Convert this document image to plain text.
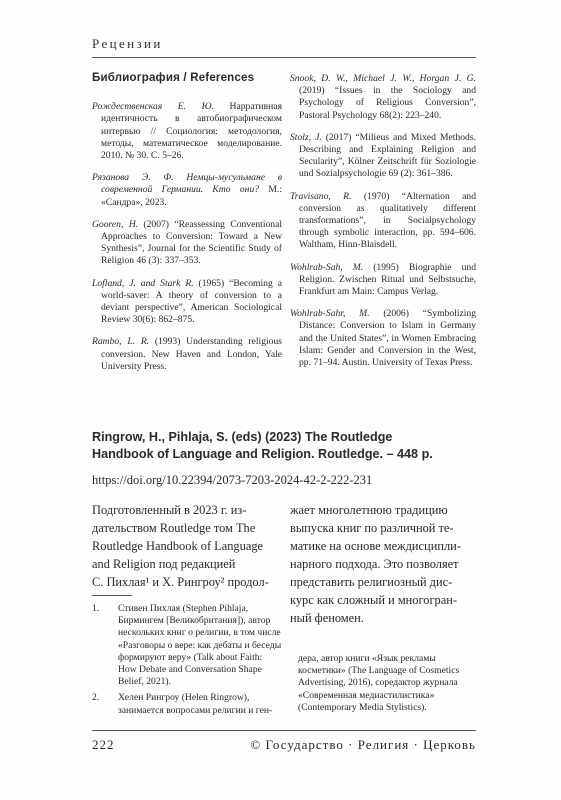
Рецензии
Библиография / References
Рождественская Е. Ю. Нарративная идентичность в автобиографическом интервью // Социология: методология, методы, математическое моделирование. 2010. № 30. С. 5–26.
Рязанова Э. Ф. Немцы-мусульмане в современной Германии. Кто они? М.: «Сандра», 2023.
Gooren, H. (2007) “Reassessing Conventional Approaches to Conversion: Toward a New Synthesis”, Journal for the Scientific Study of Religion 46 (3): 337–353.
Lofland, J. and Stark R. (1965) “Becoming a world-saver: A theory of conversion to a deviant perspective”, American Sociological Review 30(6): 862–875.
Rambo, L. R. (1993) Understanding religious conversion. New Haven and London, Yale University Press.
Snook, D. W., Michael J. W., Horgan J. G. (2019) “Issues in the Sociology and Psychology of Religious Conversion”, Pastoral Psychology 68(2): 223–240.
Stolz, J. (2017) “Milieus and Mixed Methods. Describing and Explaining Religion and Secularity”, Kölner Zeitschrift für Soziologie und Sozialpsychologie 69 (2): 361–386.
Travisano, R. (1970) “Alternation and conversion as qualitatively different transformations”, in Socialpsychology through symbolic interaction, pp. 594–606. Waltham, Hinn-Blaisdell.
Wohlrab-Sah, M. (1995) Biographie und Religion. Zwischen Ritual und Selbstsuche, Frankfurt am Main: Campus Verlag.
Wohlrab-Sahr, M. (2006) “Symbolizing Distance: Conversion to Islam in Germany and the United States”, in Women Embracing Islam: Gender and Conversion in the West, pp. 71–94. Austin. University of Texas Press.
Ringrow, H., Pihlaja, S. (eds) (2023) The Routledge
Handbook of Language and Religion. Routledge. – 448 p.
https://doi.org/10.22394/2073-7203-2024-42-2-222-231
Подготовленный в 2023 г. из-
дательством Routledge том The
Routledge Handbook of Language
and Religion под редакцией
С. Пихлая¹ и Х. Рингроу² продол-
жает многолетнюю традицию
выпуска книг по различной те-
матике на основе междисципли-
нарного подхода. Это позволяет
представить религиозный дис-
курс как сложный и многогран-
ный феномен.
1. Стивен Пихлая (Stephen Pihlaja, Бирмингем [Великобритания]), автор нескольких книг о религии, в том числе «Разговоры о вере: как дебаты и беседы формируют веру» (Talk about Faith: How Debate and Conversation Shape Belief, 2021).
2. Хелен Рингроу (Helen Ringrow), занимается вопросами религии и ген-
дера, автор книги «Язык рекламы косметики» (The Language of Cosmetics Advertising, 2016), соредактор журнала «Современная медиастилистика» (Contemporary Media Stylistics).
222	© Государство · Религия · Церковь
